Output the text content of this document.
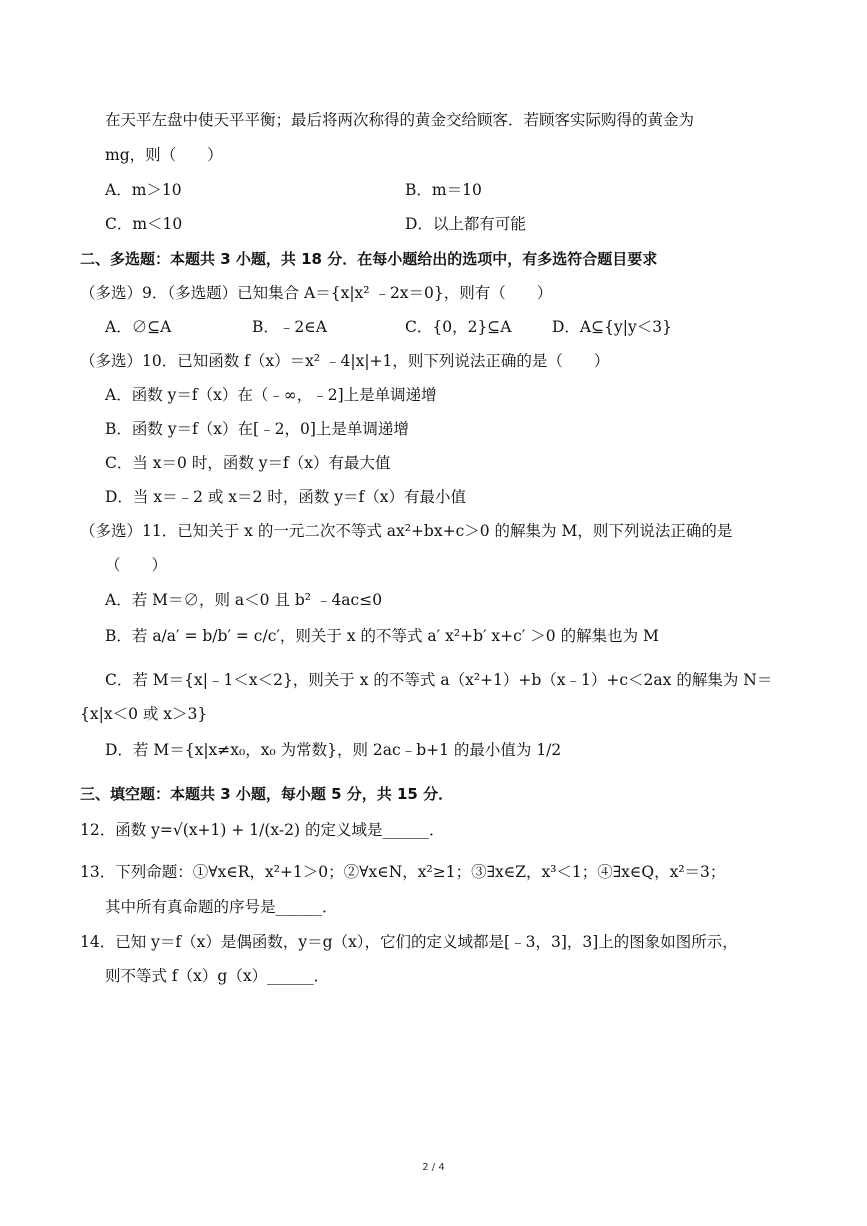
在天平左盘中使天平平衡；最后将两次称得的黄金交给顾客．若顾客实际购得的黄金为
mg，则（　　）
A．m＞10	B．m＝10
C．m＜10	D．以上都有可能
二、多选题：本题共 3 小题，共 18 分．在每小题给出的选项中，有多选符合题目要求
（多选）9．（多选题）已知集合 A＝{x|x² ﹣2x＝0}，则有（　　）
A．∅⊆A	B．﹣2∈A	C．{0，2}⊆A	D．A⊆{y|y＜3}
（多选）10．已知函数 f（x）＝x² ﹣4|x|+1，则下列说法正确的是（　　）
A．函数 y＝f（x）在（﹣∞，﹣2]上是单调递增
B．函数 y＝f（x）在[﹣2，0]上是单调递增
C．当 x＝0 时，函数 y＝f（x）有最大值
D．当 x＝﹣2 或 x＝2 时，函数 y＝f（x）有最小值
（多选）11．已知关于 x 的一元二次不等式 ax²+bx+c＞0 的解集为 M，则下列说法正确的是
（　　）
A．若 M＝∅，则 a＜0 且 b² ﹣4ac≤0
B．若 a/a′ = b/b′ = c/c′，则关于 x 的不等式 a′ x²+b′ x+c′ ＞0 的解集也为 M
C．若 M＝{x|﹣1＜x＜2}，则关于 x 的不等式 a（x²+1）+b（x﹣1）+c＜2ax 的解集为 N＝
{x|x＜0 或 x＞3}
D．若 M＝{x|x≠x₀，x₀ 为常数}，则 2ac﹣b+1 的最小值为 1/2
三、填空题：本题共 3 小题，每小题 5 分，共 15 分．
12．函数 y=√(x+1) + 1/(x-2) 的定义域是______．
13．下列命题：①∀x∈R，x²+1＞0；②∀x∈N，x²≥1；③∃x∈Z，x³＜1；④∃x∈Q，x²＝3；
其中所有真命题的序号是______．
14．已知 y＝f（x）是偶函数，y＝g（x），它们的定义域都是[﹣3，3]，3]上的图象如图所示，
则不等式 f（x）g（x）______．
2 / 4
